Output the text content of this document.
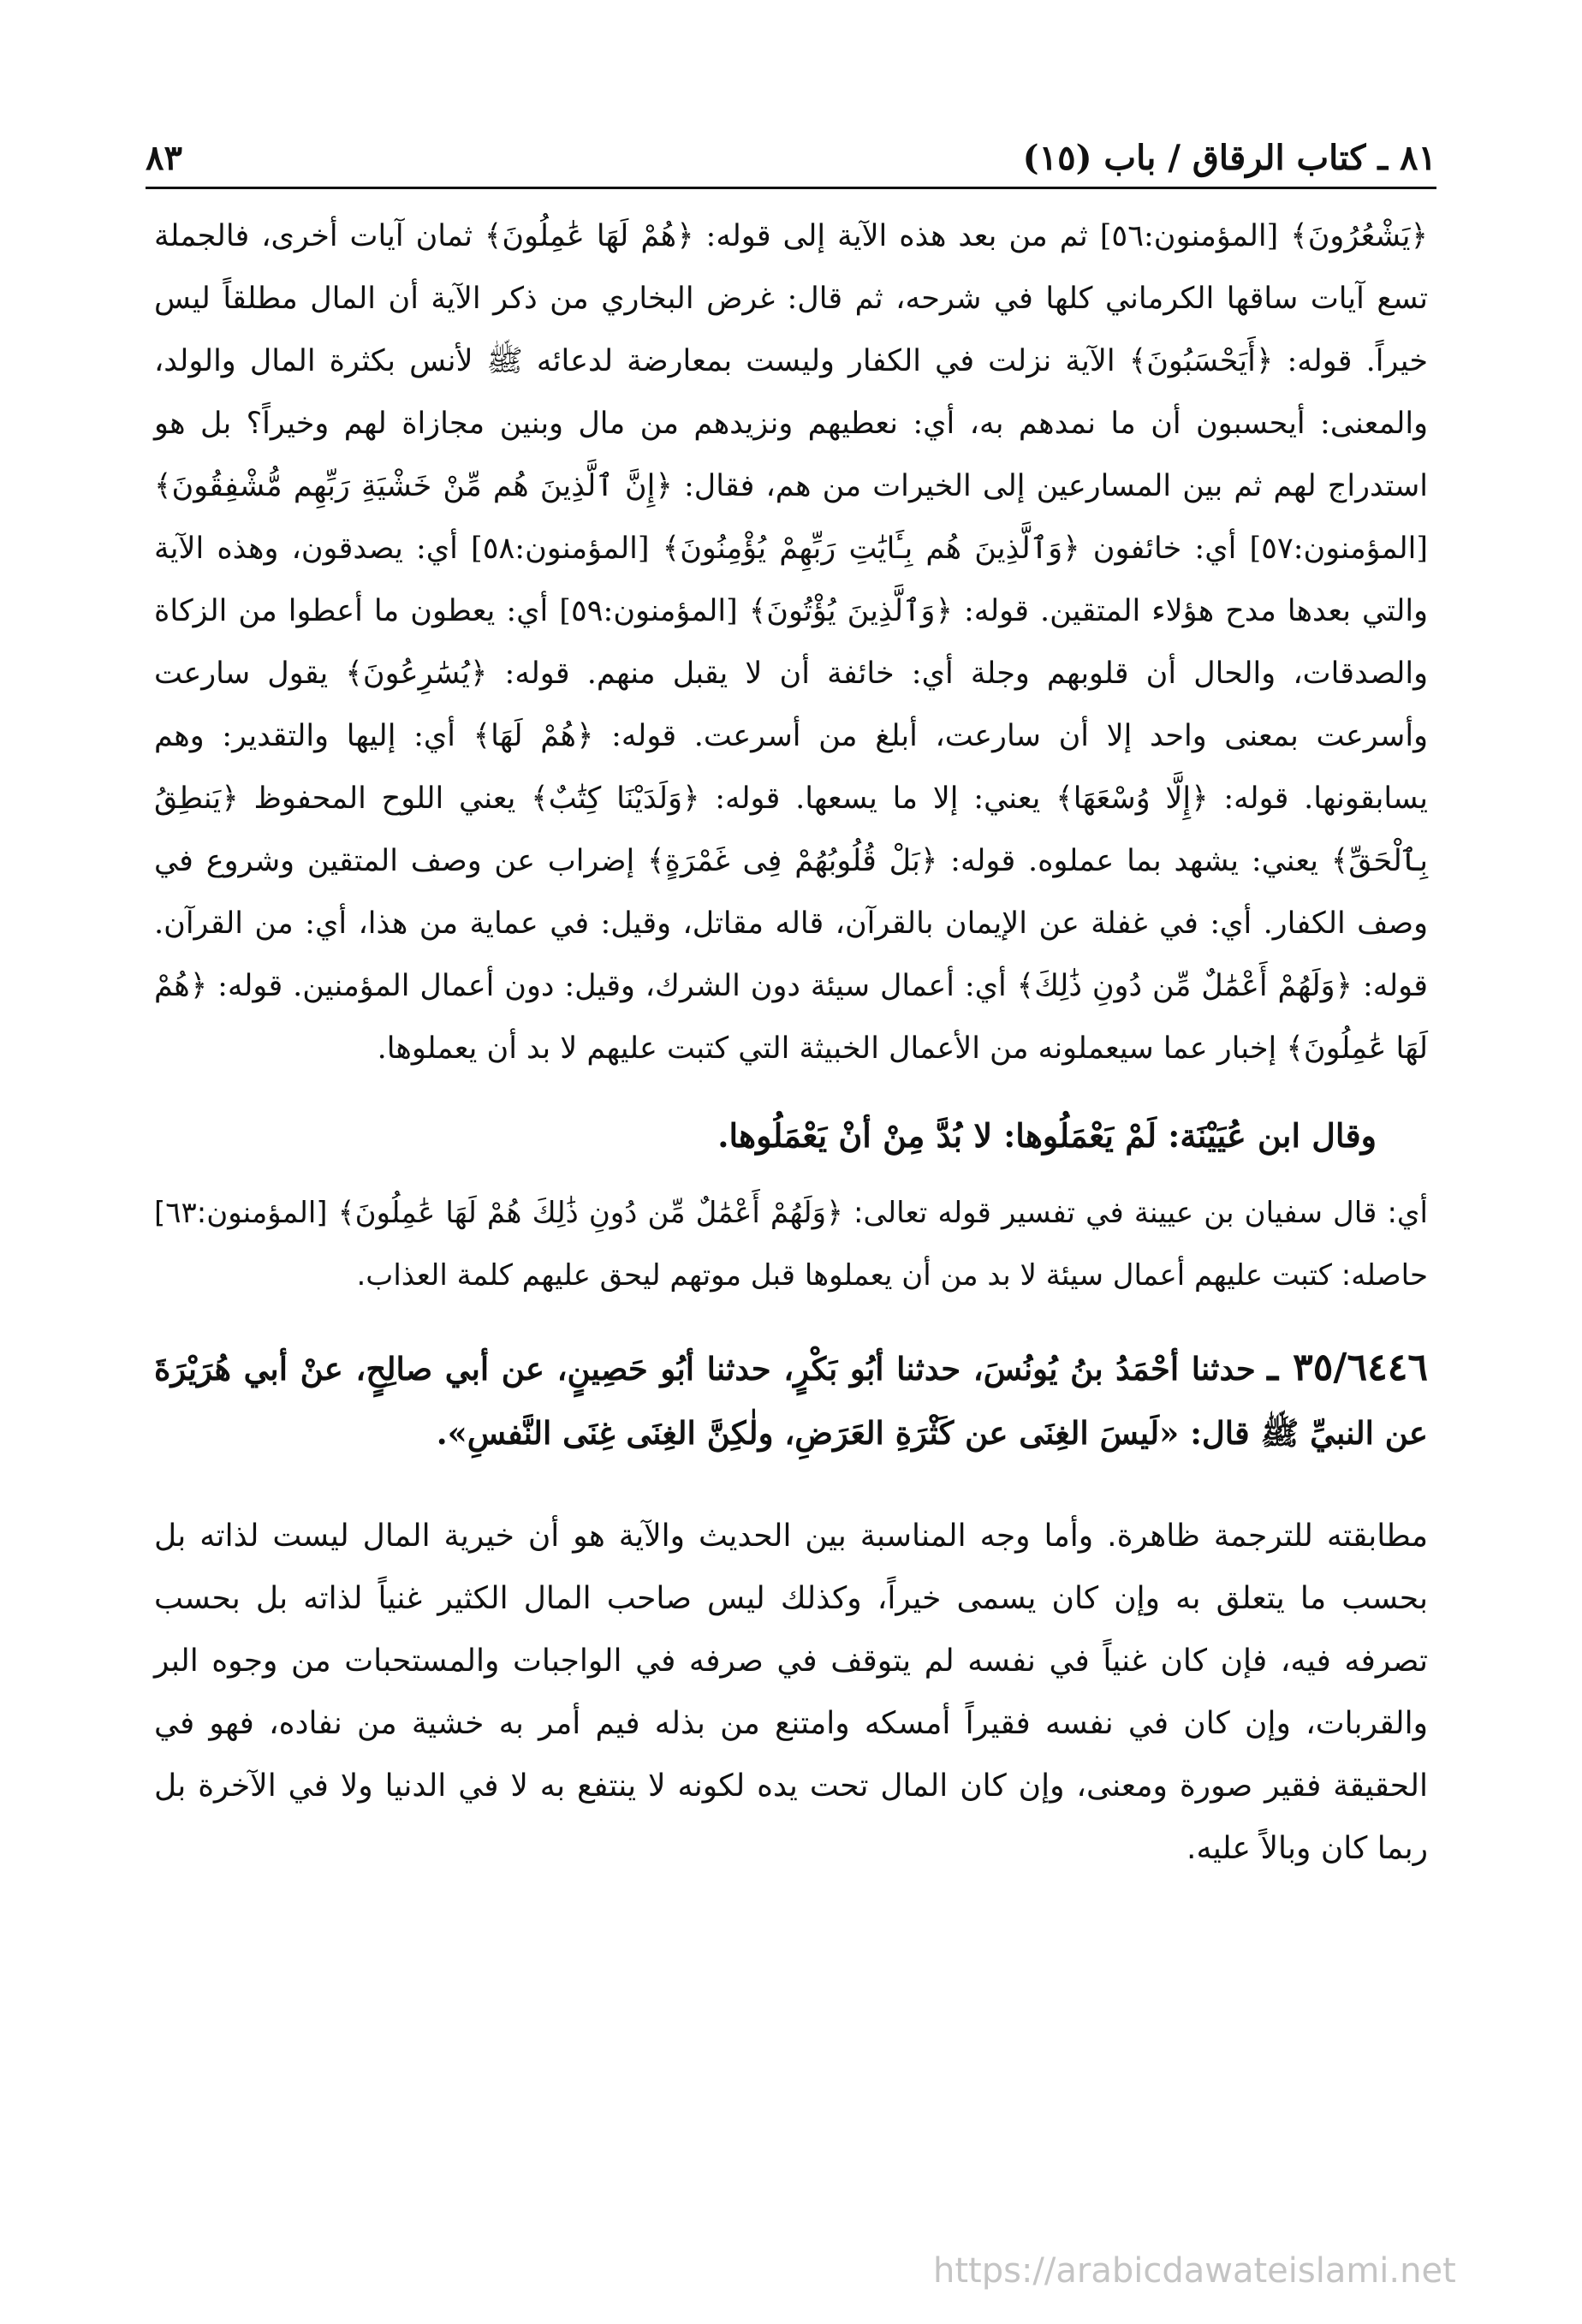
٨١ ـ كتاب الرقاق / باب (١٥)
٨٣

﴿يَشْعُرُونَ﴾ [المؤمنون:٥٦] ثم من بعد هذه الآية إلى قوله: ﴿هُمْ لَهَا عَٰمِلُونَ﴾ ثمان آيات أخرى، فالجملة تسع آيات ساقها الكرماني كلها في شرحه، ثم قال: غرض البخاري من ذكر الآية أن المال مطلقاً ليس خيراً. قوله: ﴿أَيَحْسَبُونَ﴾ الآية نزلت في الكفار وليست بمعارضة لدعائه ﷺ لأنس بكثرة المال والولد، والمعنى: أيحسبون أن ما نمدهم به، أي: نعطيهم ونزيدهم من مال وبنين مجازاة لهم وخيراً؟ بل هو استدراج لهم ثم بين المسارعين إلى الخيرات من هم، فقال: ﴿إِنَّ ٱلَّذِينَ هُم مِّنْ خَشْيَةِ رَبِّهِم مُّشْفِقُونَ﴾ [المؤمنون:٥٧] أي: خائفون ﴿وَٱلَّذِينَ هُم بِـَٔايَٰتِ رَبِّهِمْ يُؤْمِنُونَ﴾ [المؤمنون:٥٨] أي: يصدقون، وهذه الآية والتي بعدها مدح هؤلاء المتقين. قوله: ﴿وَٱلَّذِينَ يُؤْتُونَ﴾ [المؤمنون:٥٩] أي: يعطون ما أعطوا من الزكاة والصدقات، والحال أن قلوبهم وجلة أي: خائفة أن لا يقبل منهم. قوله: ﴿يُسَٰرِعُونَ﴾ يقول سارعت وأسرعت بمعنى واحد إلا أن سارعت، أبلغ من أسرعت. قوله: ﴿هُمْ لَهَا﴾ أي: إليها والتقدير: وهم يسابقونها. قوله: ﴿إِلَّا وُسْعَهَا﴾ يعني: إلا ما يسعها. قوله: ﴿وَلَدَيْنَا كِتَٰبٌ﴾ يعني اللوح المحفوظ ﴿يَنطِقُ بِٱلْحَقِّ﴾ يعني: يشهد بما عملوه. قوله: ﴿بَلْ قُلُوبُهُمْ فِى غَمْرَةٍ﴾ إضراب عن وصف المتقين وشروع في وصف الكفار. أي: في غفلة عن الإيمان بالقرآن، قاله مقاتل، وقيل: في عماية من هذا، أي: من القرآن. قوله: ﴿وَلَهُمْ أَعْمَٰلٌ مِّن دُونِ ذَٰلِكَ﴾ أي: أعمال سيئة دون الشرك، وقيل: دون أعمال المؤمنين. قوله: ﴿هُمْ لَهَا عَٰمِلُونَ﴾ إخبار عما سيعملونه من الأعمال الخبيثة التي كتبت عليهم لا بد أن يعملوها.

وقال ابن عُيَيْنَة: لَمْ يَعْمَلُوها: لا بُدَّ مِنْ أنْ يَعْمَلُوها.

أي: قال سفيان بن عيينة في تفسير قوله تعالى: ﴿وَلَهُمْ أَعْمَٰلٌ مِّن دُونِ ذَٰلِكَ هُمْ لَهَا عَٰمِلُونَ﴾ [المؤمنون:٦٣] حاصله: كتبت عليهم أعمال سيئة لا بد من أن يعملوها قبل موتهم ليحق عليهم كلمة العذاب.

٣٥/٦٤٤٦ ـ حدثنا أحْمَدُ بنُ يُونُسَ، حدثنا أبُو بَكْرٍ، حدثنا أبُو حَصِينٍ، عن أبي صالِحٍ، عنْ أبي هُرَيْرَةَ عن النبيِّ ﷺ قال: «لَيسَ الغِنَى عن كَثْرَةِ العَرَضِ، ولٰكِنَّ الغِنَى غِنَى النَّفسِ».

مطابقته للترجمة ظاهرة. وأما وجه المناسبة بين الحديث والآية هو أن خيرية المال ليست لذاته بل بحسب ما يتعلق به وإن كان يسمى خيراً، وكذلك ليس صاحب المال الكثير غنياً لذاته بل بحسب تصرفه فيه، فإن كان غنياً في نفسه لم يتوقف في صرفه في الواجبات والمستحبات من وجوه البر والقربات، وإن كان في نفسه فقيراً أمسكه وامتنع من بذله فيم أمر به خشية من نفاده، فهو في الحقيقة فقير صورة ومعنى، وإن كان المال تحت يده لكونه لا ينتفع به لا في الدنيا ولا في الآخرة بل ربما كان وبالاً عليه.

https://arabicdawateislami.net
